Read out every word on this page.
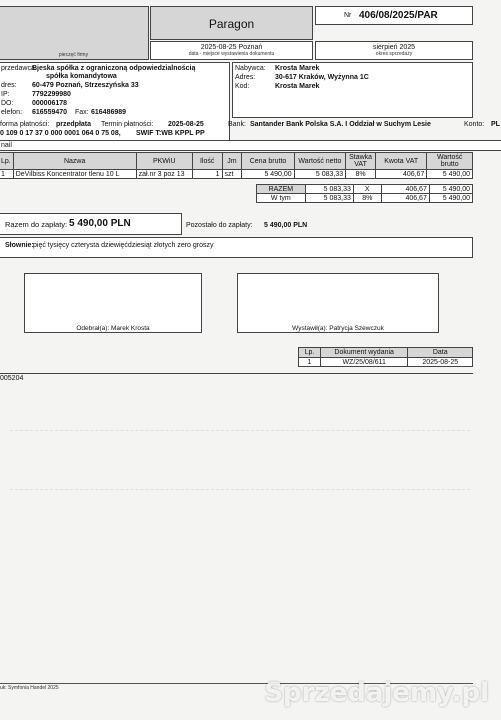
pieczęć firmy
Paragon
Nr 406/08/2025/PAR
2025-08-25 Poznań
data - miejsce wystawienia dokumentu
sierpień 2025
okres sprzedaży
przedawca:
Bjeska spółka z ograniczoną odpowiedzialnością
spółka komandytowa
dres: 60-479 Poznań, Strzeszyńska 33
IP:	7792299980
DO:	000006178
elefon: 616559470 Fax: 616486989
Nabywca: Krosta Marek
Adres:	30-617 Kraków, Wyżynna 1C
Kod:	Krosta Marek
forma płatności: przedpłata Termin płatności: 2025-08-25	Bank: Santander Bank Polska S.A. I Oddział w Suchym Lesie	Konto: PL
0 109 0 17 37 0 000 0001 064 0 75 08, SWIF T:WB KPPL PP
nail
Lp.	Nazwa	PKWiU	Ilość	Jm	Cena brutto	Wartość netto	Stawka VAT	Kwota VAT	Wartość brutto
1	DeVilbiss Koncentrator tlenu 10 L	zał.nr 3 poz 13	1	szt	5 490,00	5 083,33	8%	406,67	5 490,00
RAZEM	5 083,33	X	406,67	5 490,00
W tym	5 083,33	8%	406,67	5 490,00
Razem do zapłaty: 5 490,00 PLN	Pozostało do zapłaty: 5 490,00 PLN
Słownie: pięć tysięcy czterysta dziewięćdziesiąt złotych zero groszy
Odebrał(a): Marek Krosta	Wystawił(a): Patrycja Szewczuk
Lp.	Dokument wydania	Data
1	WZ/25/08/611	2025-08-25
005204
uk: Symfonia Handel 2025	Sprzedajemy.pl
